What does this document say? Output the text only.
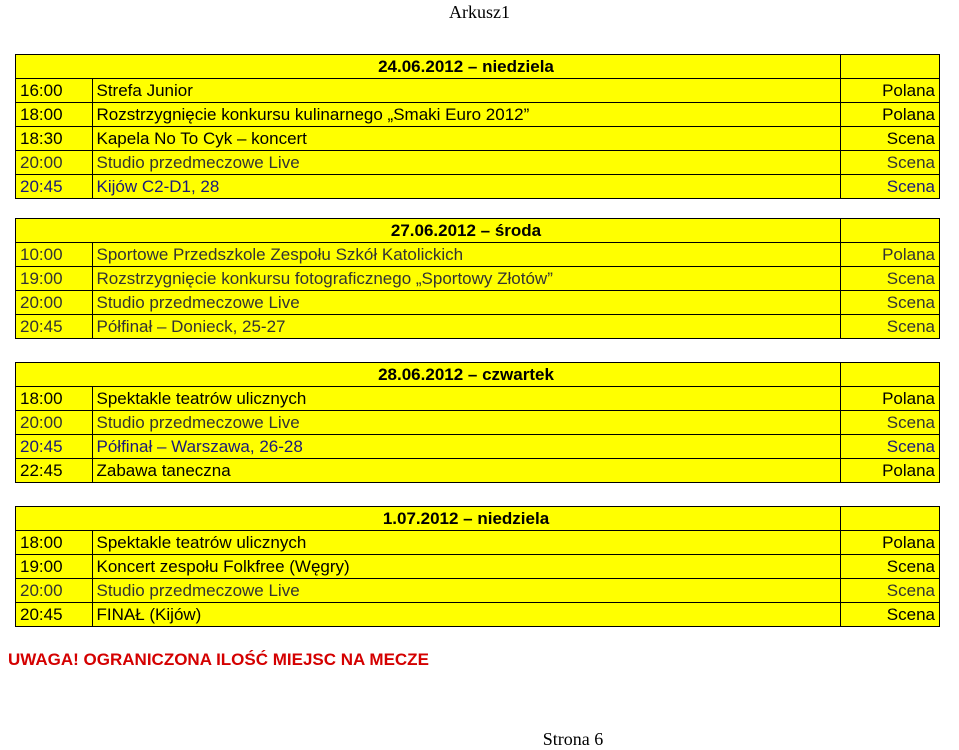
Arkusz1
	24.06.2012 – niedziela	
16:00	Strefa Junior	Polana
18:00	Rozstrzygnięcie konkursu kulinarnego „Smaki Euro 2012”	Polana
18:30	Kapela No To Cyk – koncert	Scena
20:00	Studio przedmeczowe Live	Scena
20:45	Kijów C2-D1, 28	Scena
	27.06.2012 – środa	
10:00	Sportowe Przedszkole Zespołu Szkół Katolickich	Polana
19:00	Rozstrzygnięcie konkursu fotograficznego „Sportowy Złotów”	Scena
20:00	Studio przedmeczowe Live	Scena
20:45	Półfinał – Donieck, 25-27	Scena
	28.06.2012 – czwartek	
18:00	Spektakle teatrów ulicznych	Polana
20:00	Studio przedmeczowe Live	Scena
20:45	Półfinał – Warszawa, 26-28	Scena
22:45	Zabawa taneczna	Polana
	1.07.2012 – niedziela	
18:00	Spektakle teatrów ulicznych	Polana
19:00	Koncert zespołu Folkfree (Węgry)	Scena
20:00	Studio przedmeczowe Live	Scena
20:45	FINAŁ (Kijów)	Scena
UWAGA! OGRANICZONA ILOŚĆ MIEJSC NA MECZE
Strona 6
